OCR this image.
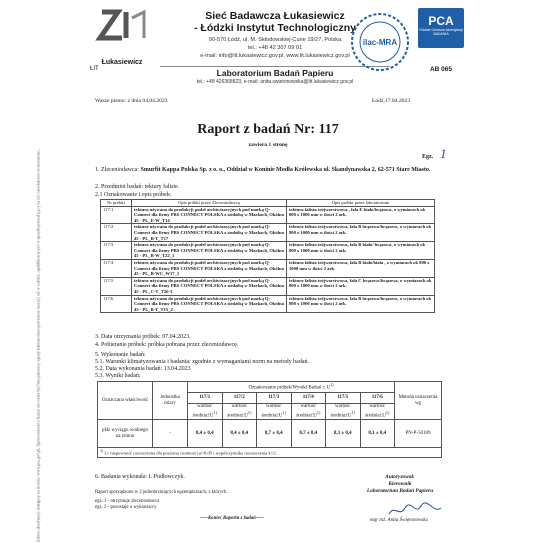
Zakres akredytacji dostępny na stronie: www.pca.gov.pl, Sprawozdanie z badań nie może być bez pisemnej zgody laboratorium powielane inaczej niż w całości, opublikowanych w sposób pozwalający na ich niewłaściwe zrozumienie...
Łukasiewicz
ŁIT
Sieć Badawcza Łukasiewicz
- Łódzki Instytut Technologiczny
90-570 Łódź, ul. M. Skłodowskiej-Curie 19/27, Polska
tel.: +48 42 307 09 01
e-mail: info@lit.lukasiewicz.gov.pl, www.lit.lukasiewicz.gov.pl
Laboratorium Badań Papieru
tel.: +48 426368823, e-mail: anita.swietonowska@lit.lukasiewicz.gov.pl
ilac-MRA
PCA
Polskie Centrum Akredytacji
BADANIA
AB 065
Wasze pismo: z dnia 04.04.2023	Łódź,17.04.2023
Raport z badań Nr: 117
zawiera 1 stronę
Egz. 1
1. Zleceniodawca: Smurfit Kappa Polska Sp. z o. o., Oddział w Koninie Modła Królewska ul. Skandynawska 2, 62-571 Stare Miasto.
2. Przedmiot badań: tektury faliste.
2.1 Oznakowanie i opis próbek:
Nr próbki	Opis próbki przez Zleceniodawcę	Opis próbki przez laboratorium
117/1	tektura używana do produkcji pudeł archiwizacyjnych pod marką Q- Connect dla firmy PBS CONNECT POLSKA z siedzibą w Markach, Okólna 45 - PL_E-W_T14	tektura falista trójwarstwowa , fala E biało/brązowa, o wymiarach ok 800 x 1000 mm w ilości 2 ark.
117/2	tektura używana do produkcji pudeł archiwizacyjnych pod marką Q- Connect dla firmy PBS CONNECT POLSKA z siedzibą w Markach, Okólna 45 - PL_B-T_T17	tektura falista trójwarstwowa, fala B brązowo/brązowa, o wymiarach ok 800 x 1000 mm w ilości 2 ark.
117/3	tektura używana do produkcji pudeł archiwizacyjnych pod marką Q- Connect dla firmy PBS CONNECT POLSKA z siedzibą w Markach, Okólna 45 - PL_B-W_T22_1	tektura falista trójwarstwowa, fala B biało/ brązowa, o wymiarach ok 800 x 1000 mm w ilości 2 ark.
117/4	tektura używana do produkcji pudeł archiwizacyjnych pod marką Q- Connect dla firmy PBS CONNECT POLSKA z siedzibą w Markach, Okólna 45 - PL_B-WC_W17_1	tektura falista trójwarstwowa, fala B biało/biała , o wymiarach ok 800 x 1000 mm w ilości 2 ark.
117/5	tektura używana do produkcji pudeł archiwizacyjnych pod marką Q- Connect dla firmy PBS CONNECT POLSKA z siedzibą w Markach, Okólna 45 - PL_C-T_T26-3	tektura falista trójwarstwowa, fala C brązowo/brązowa, o wymiarach ok 800 x 1000 mm w ilości 2 ark.
117/6	tektura używana do produkcji pudeł archiwizacyjnych pod marką Q- Connect dla firmy PBS CONNECT POLSKA z siedzibą w Markach, Okólna 45 - PL_B-T_T15_2	tektura falista trójwarstwowa, fala B brązowo/brązowa, o wymiarach ok 800 x 1000 mm w ilości 2 ark.
3. Data otrzymania próbek: 07.04.2023.
4. Pobieranie próbek: próbka pobrana przez zleceniodawcę.
5. Wykonanie badań:
5.1. Warunki klimatyzowania i badania: zgodnie z wymaganiami norm na metody badań.
5.2. Data wykonania badań: 13.04.2023
5.3. Wyniki badań:
Oznaczana właściwość	Jednostka miary	Oznakowanie próbek/Wyniki Badań ± $U^{1)}$						Metoda oznaczenia wg
		117/1	117/2	117/3	117/4	117/5	117/6	
		wartość $średnia\pm U^{1)}$	wartość $średnia\pm U^{1)}$	wartość $średnia\pm U^{1)}$	wartość $średnia\pm U^{1)}$	wartość $średnia\pm U^{1)}$	wartość $średnia\pm U^{1)}$
pHz wyciągu wodnego na zimno	-	8,4 ± 0,4	8,4 ± 0,4	8,7 ± 0,4	8,7 ± 0,4	8,3 ± 0,4	8,1 ± 0,4	PN-P-50109
$^{1)}$ U- niepewność rozszerzona dla poziomu istotności α=0,05 i współczynnika rozszerzenia k=2.								
6. Badania wykonała: I. Pudłowczyk.
Raport sporządzono w 2 jednobrzmiących egzemplarzach, z których:
egz. 1 - otrzymuje zleceniodawca
egz. 2 - pozostaje u wykonawcy
-----Koniec Raportu z badań-----
Autoryzował:
Kierownik
Laboratorium Badań Papieru
mgr inż. Anita Świętonowska
